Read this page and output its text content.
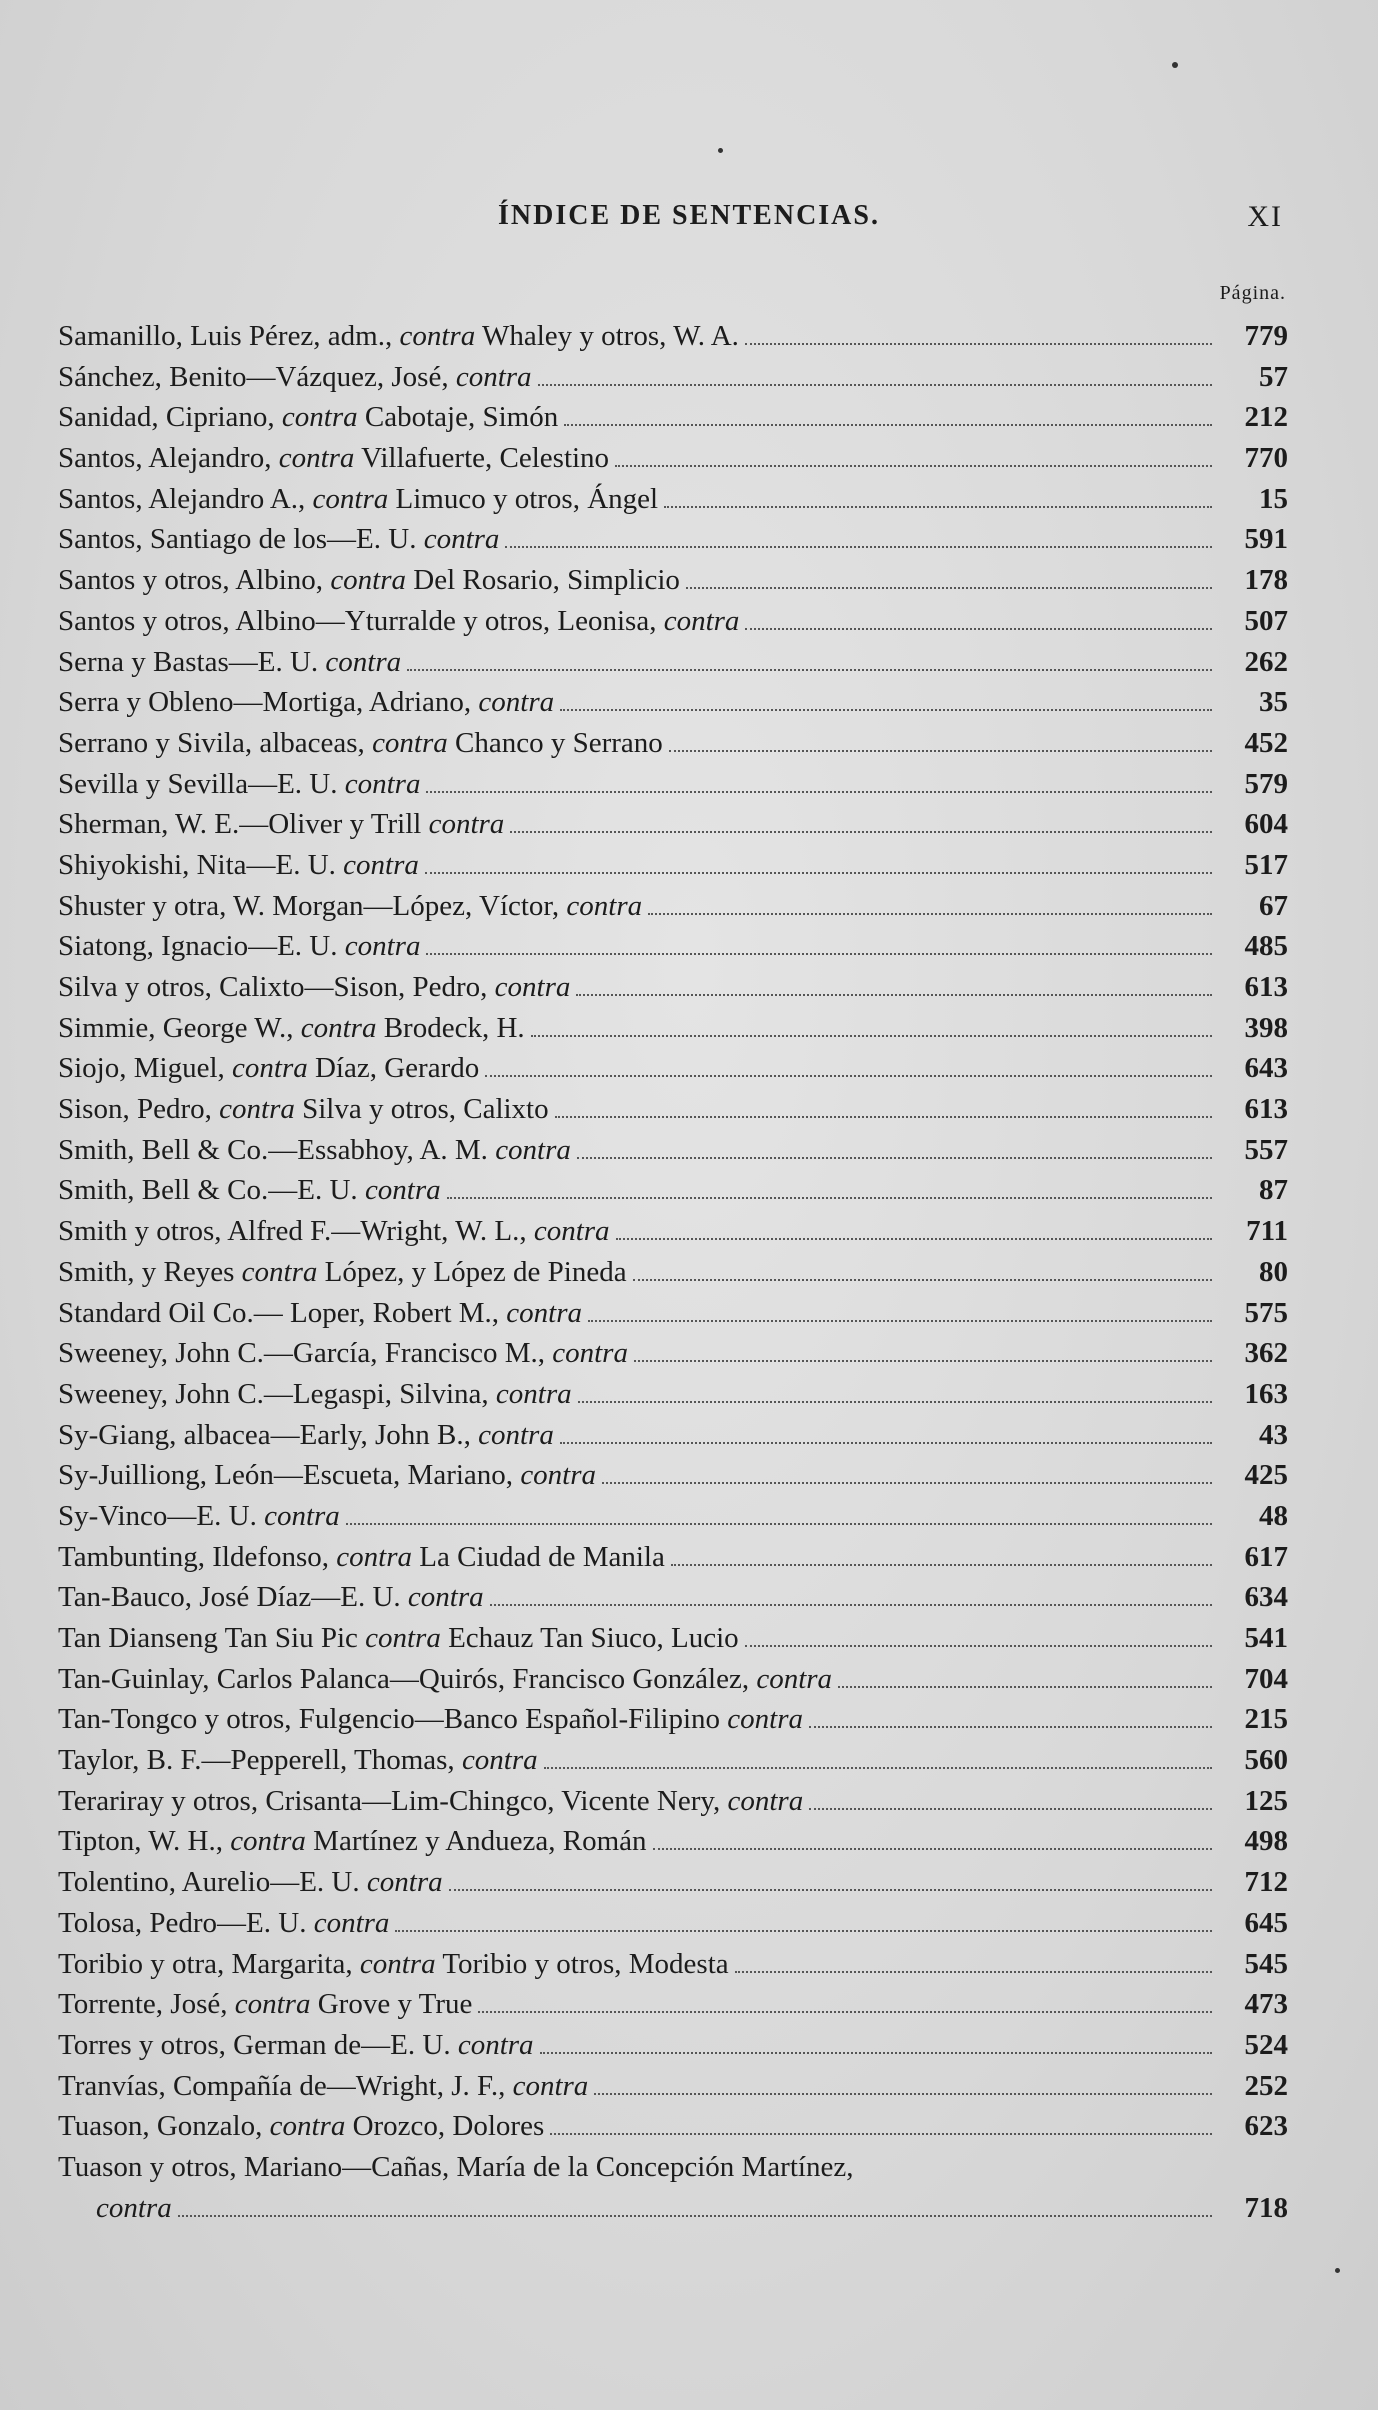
ÍNDICE DE SENTENCIAS.	XI
Página.
Samanillo, Luis Pérez, adm., contra Whaley y otros, W. A.	779
Sánchez, Benito—Vázquez, José, contra	57
Sanidad, Cipriano, contra Cabotaje, Simón	212
Santos, Alejandro, contra Villafuerte, Celestino	770
Santos, Alejandro A., contra Limuco y otros, Ángel	15
Santos, Santiago de los—E. U. contra	591
Santos y otros, Albino, contra Del Rosario, Simplicio	178
Santos y otros, Albino—Yturralde y otros, Leonisa, contra	507
Serna y Bastas—E. U. contra	262
Serra y Obleno—Mortiga, Adriano, contra	35
Serrano y Sivila, albaceas, contra Chanco y Serrano	452
Sevilla y Sevilla—E. U. contra	579
Sherman, W. E.—Oliver y Trill contra	604
Shiyokishi, Nita—E. U. contra	517
Shuster y otra, W. Morgan—López, Víctor, contra	67
Siatong, Ignacio—E. U. contra	485
Silva y otros, Calixto—Sison, Pedro, contra	613
Simmie, George W., contra Brodeck, H.	398
Siojo, Miguel, contra Díaz, Gerardo	643
Sison, Pedro, contra Silva y otros, Calixto	613
Smith, Bell & Co.—Essabhoy, A. M. contra	557
Smith, Bell & Co.—E. U. contra	87
Smith y otros, Alfred F.—Wright, W. L., contra	711
Smith, y Reyes contra López, y López de Pineda	80
Standard Oil Co.— Loper, Robert M., contra	575
Sweeney, John C.—García, Francisco M., contra	362
Sweeney, John C.—Legaspi, Silvina, contra	163
Sy-Giang, albacea—Early, John B., contra	43
Sy-Juilliong, León—Escueta, Mariano, contra	425
Sy-Vinco—E. U. contra	48
Tambunting, Ildefonso, contra La Ciudad de Manila	617
Tan-Bauco, José Díaz—E. U. contra	634
Tan Dianseng Tan Siu Pic contra Echauz Tan Siuco, Lucio	541
Tan-Guinlay, Carlos Palanca—Quirós, Francisco González, contra	704
Tan-Tongco y otros, Fulgencio—Banco Español-Filipino contra	215
Taylor, B. F.—Pepperell, Thomas, contra	560
Terariray y otros, Crisanta—Lim-Chingco, Vicente Nery, contra	125
Tipton, W. H., contra Martínez y Andueza, Román	498
Tolentino, Aurelio—E. U. contra	712
Tolosa, Pedro—E. U. contra	645
Toribio y otra, Margarita, contra Toribio y otros, Modesta	545
Torrente, José, contra Grove y True	473
Torres y otros, German de—E. U. contra	524
Tranvías, Compañía de—Wright, J. F., contra	252
Tuason, Gonzalo, contra Orozco, Dolores	623
Tuason y otros, Mariano—Cañas, María de la Concepción Martínez,
contra	718
